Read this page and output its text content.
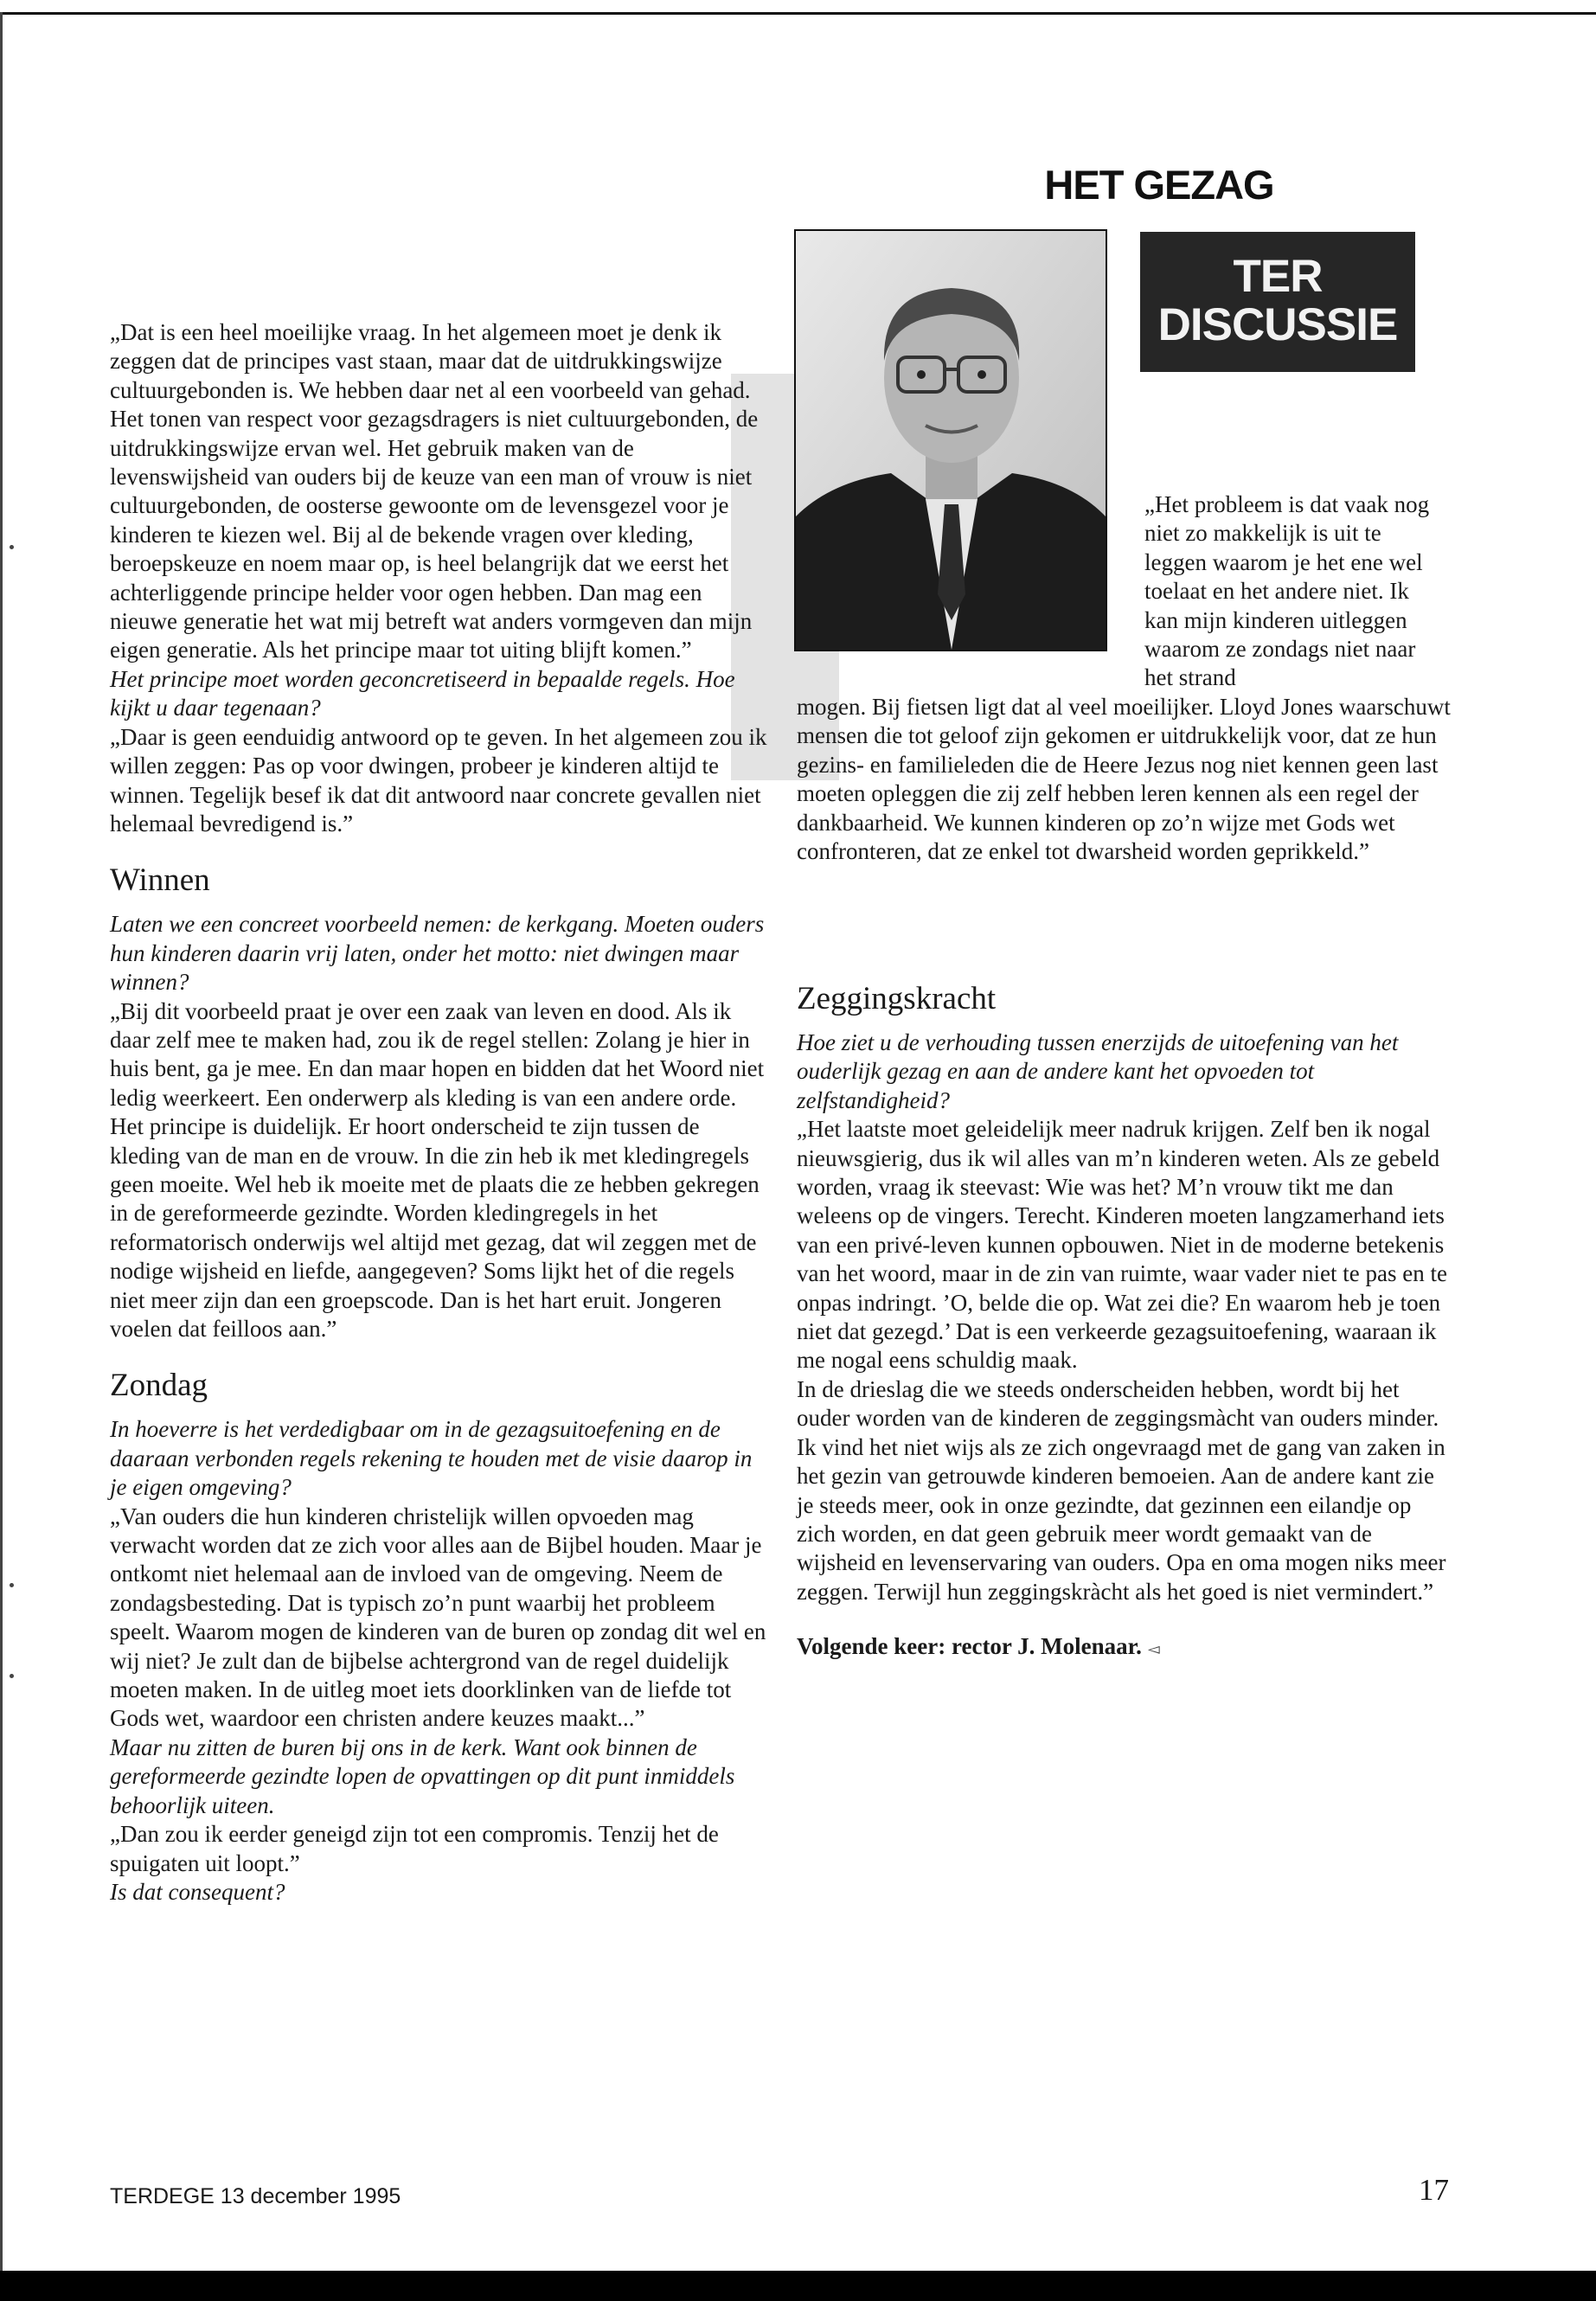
HET GEZAG
TER
DISCUSSIE

„Dat is een heel moeilijke vraag. In het algemeen moet je denk ik zeggen dat de principes vast staan, maar dat de uitdrukkingswijze cultuurgebonden is. We hebben daar net al een voorbeeld van gehad. Het tonen van respect voor gezagsdragers is niet cultuurgebonden, de uitdrukkingswijze ervan wel. Het gebruik maken van de levenswijsheid van ouders bij de keuze van een man of vrouw is niet cultuurgebonden, de oosterse gewoonte om de levensgezel voor je kinderen te kiezen wel. Bij al de bekende vragen over kleding, beroepskeuze en noem maar op, is heel belangrijk dat we eerst het achterliggende principe helder voor ogen hebben. Dan mag een nieuwe generatie het wat mij betreft wat anders vormgeven dan mijn eigen generatie. Als het principe maar tot uiting blijft komen.”

Het principe moet worden geconcretiseerd in bepaalde regels. Hoe kijkt u daar tegenaan?

„Daar is geen eenduidig antwoord op te geven. In het algemeen zou ik willen zeggen: Pas op voor dwingen, probeer je kinderen altijd te winnen. Tegelijk besef ik dat dit antwoord naar concrete gevallen niet helemaal bevredigend is.”

Winnen

Laten we een concreet voorbeeld nemen: de kerkgang. Moeten ouders hun kinderen daarin vrij laten, onder het motto: niet dwingen maar winnen?

„Bij dit voorbeeld praat je over een zaak van leven en dood. Als ik daar zelf mee te maken had, zou ik de regel stellen: Zolang je hier in huis bent, ga je mee. En dan maar hopen en bidden dat het Woord niet ledig weerkeert. Een onderwerp als kleding is van een andere orde. Het principe is duidelijk. Er hoort onderscheid te zijn tussen de kleding van de man en de vrouw. In die zin heb ik met kledingregels geen moeite. Wel heb ik moeite met de plaats die ze hebben gekregen in de gereformeerde gezindte. Worden kledingregels in het reformatorisch onderwijs wel altijd met gezag, dat wil zeggen met de nodige wijsheid en liefde, aangegeven? Soms lijkt het of die regels niet meer zijn dan een groepscode. Dan is het hart eruit. Jongeren voelen dat feilloos aan.”

Zondag

In hoeverre is het verdedigbaar om in de gezagsuitoefening en de daaraan verbonden regels rekening te houden met de visie daarop in je eigen omgeving?

„Van ouders die hun kinderen christelijk willen opvoeden mag verwacht worden dat ze zich voor alles aan de Bijbel houden. Maar je ontkomt niet helemaal aan de invloed van de omgeving. Neem de zondagsbesteding. Dat is typisch zo’n punt waarbij het probleem speelt. Waarom mogen de kinderen van de buren op zondag dit wel en wij niet? Je zult dan de bijbelse achtergrond van de regel duidelijk moeten maken. In de uitleg moet iets doorklinken van de liefde tot Gods wet, waardoor een christen andere keuzes maakt...”

Maar nu zitten de buren bij ons in de kerk. Want ook binnen de gereformeerde gezindte lopen de opvattingen op dit punt inmiddels behoorlijk uiteen.

„Dan zou ik eerder geneigd zijn tot een compromis. Tenzij het de spuigaten uit loopt.”

Is dat consequent?

„Het probleem is dat vaak nog niet zo makkelijk is uit te leggen waarom je het ene wel toelaat en het andere niet. Ik kan mijn kinderen uitleggen waarom ze zondags niet naar het strand
mogen. Bij fietsen ligt dat al veel moeilijker. Lloyd Jones waarschuwt mensen die tot geloof zijn gekomen er uitdrukkelijk voor, dat ze hun gezins- en familieleden die de Heere Jezus nog niet kennen geen last moeten opleggen die zij zelf hebben leren kennen als een regel der dankbaarheid. We kunnen kinderen op zo’n wijze met Gods wet confronteren, dat ze enkel tot dwarsheid worden geprikkeld.”
Zeggingskracht

Hoe ziet u de verhouding tussen enerzijds de uitoefening van het ouderlijk gezag en aan de andere kant het opvoeden tot zelfstandigheid?

„Het laatste moet geleidelijk meer nadruk krijgen. Zelf ben ik nogal nieuwsgierig, dus ik wil alles van m’n kinderen weten. Als ze gebeld worden, vraag ik steevast: Wie was het? M’n vrouw tikt me dan weleens op de vingers. Terecht. Kinderen moeten langzamerhand iets van een privé-leven kunnen opbouwen. Niet in de moderne betekenis van het woord, maar in de zin van ruimte, waar vader niet te pas en te onpas indringt. ’O, belde die op. Wat zei die? En waarom heb je toen niet dat gezegd.’ Dat is een verkeerde gezagsuitoefening, waaraan ik me nogal eens schuldig maak.

In de drieslag die we steeds onderscheiden hebben, wordt bij het ouder worden van de kinderen de zeggingsmàcht van ouders minder. Ik vind het niet wijs als ze zich ongevraagd met de gang van zaken in het gezin van getrouwde kinderen bemoeien. Aan de andere kant zie je steeds meer, ook in onze gezindte, dat gezinnen een eilandje op zich worden, en dat geen gebruik meer wordt gemaakt van de wijsheid en levenservaring van ouders. Opa en oma mogen niks meer zeggen. Terwijl hun zeggingskràcht als het goed is niet vermindert.”

Volgende keer: rector J. Molenaar. ◅

TERDEGE 13 december 1995	17
